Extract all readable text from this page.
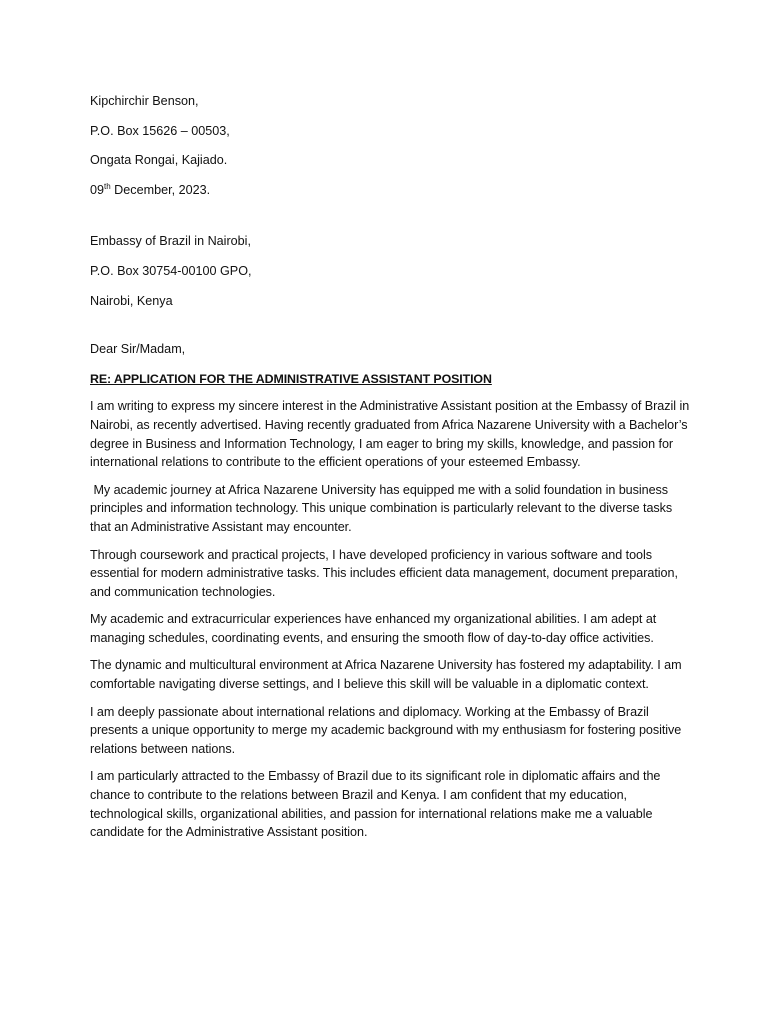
Kipchirchir Benson,

P.O. Box 15626 – 00503,

Ongata Rongai, Kajiado.

09th December, 2023.

Embassy of Brazil in Nairobi,

P.O. Box 30754-00100 GPO,

Nairobi, Kenya

Dear Sir/Madam,

RE: APPLICATION FOR THE ADMINISTRATIVE ASSISTANT POSITION

I am writing to express my sincere interest in the Administrative Assistant position at the Embassy of Brazil in Nairobi, as recently advertised. Having recently graduated from Africa Nazarene University with a Bachelor’s degree in Business and Information Technology, I am eager to bring my skills, knowledge, and passion for international relations to contribute to the efficient operations of your esteemed Embassy.

My academic journey at Africa Nazarene University has equipped me with a solid foundation in business principles and information technology. This unique combination is particularly relevant to the diverse tasks that an Administrative Assistant may encounter.

Through coursework and practical projects, I have developed proficiency in various software and tools essential for modern administrative tasks. This includes efficient data management, document preparation, and communication technologies.

My academic and extracurricular experiences have enhanced my organizational abilities. I am adept at managing schedules, coordinating events, and ensuring the smooth flow of day-to-day office activities.

The dynamic and multicultural environment at Africa Nazarene University has fostered my adaptability. I am comfortable navigating diverse settings, and I believe this skill will be valuable in a diplomatic context.

I am deeply passionate about international relations and diplomacy. Working at the Embassy of Brazil presents a unique opportunity to merge my academic background with my enthusiasm for fostering positive relations between nations.

I am particularly attracted to the Embassy of Brazil due to its significant role in diplomatic affairs and the chance to contribute to the relations between Brazil and Kenya. I am confident that my education, technological skills, organizational abilities, and passion for international relations make me a valuable candidate for the Administrative Assistant position.
